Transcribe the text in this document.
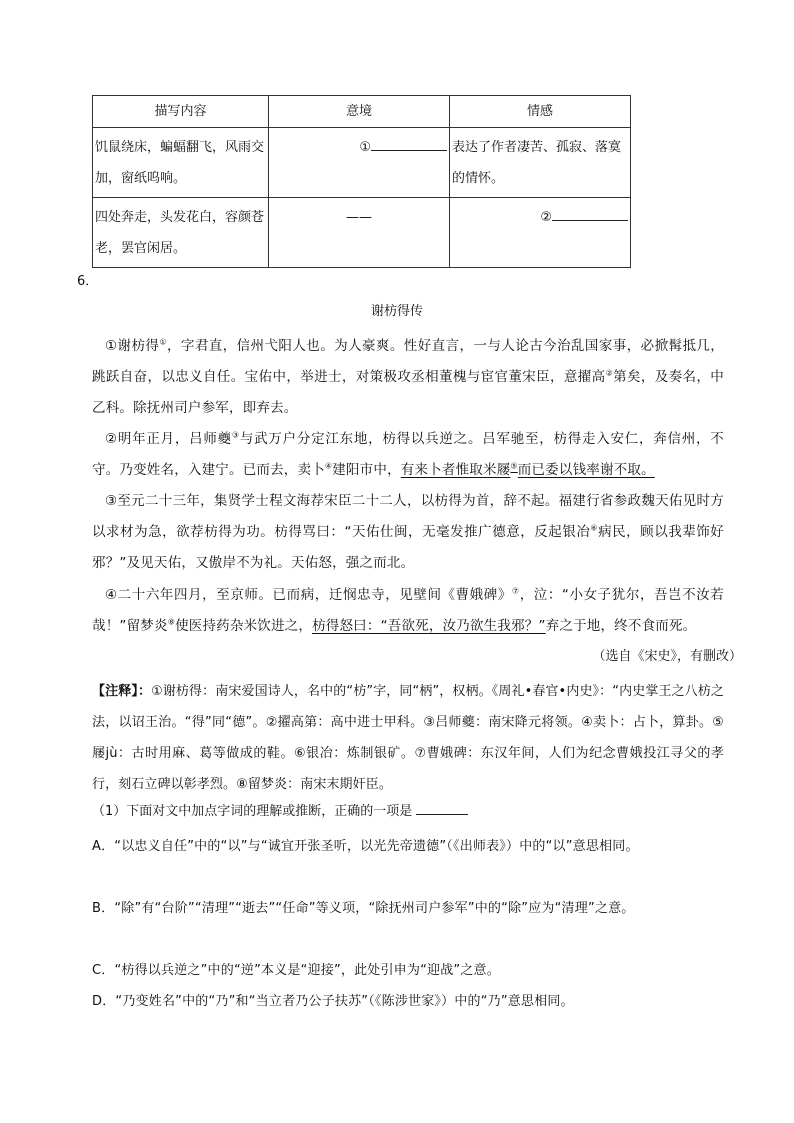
描写内容	意境	情感
饥鼠绕床，蝙蝠翻飞，风雨交加，窗纸呜响。	①	表达了作者凄苦、孤寂、落寞的情怀。
四处奔走，头发花白，容颜苍老，罢官闲居。	——	②
6．
谢枋得传
①谢枋得①，字君直，信州弋阳人也。为人豪爽。性好直言，一与人论古今治乱国家事，必掀髯抵几，跳跃自奋，以忠义自任。宝佑中，举进士，对策极攻丞相董槐与宦官董宋臣，意擢高②第矣，及奏名，中乙科。除抚州司户参军，即弃去。
②明年正月，吕师夔③与武万户分定江东地，枋得以兵逆之。吕军驰至，枋得走入安仁，奔信州，不守。乃变姓名，入建宁。已而去，卖卜④建阳市中，有来卜者惟取米屦⑤而已委以钱率谢不取。
③至元二十三年，集贤学士程文海荐宋臣二十二人，以枋得为首，辞不起。福建行省参政魏天佑见时方以求材为急，欲荐枋得为功。枋得骂曰：“天佑仕闽，无毫发推广德意，反起银冶⑥病民，顾以我辈饰好邪？”及见天佑，又傲岸不为礼。天佑怒，强之而北。
④二十六年四月，至京师。已而病，迁悯忠寺，见壁间《曹娥碑》⑦，泣：“小女子犹尔，吾岂不汝若哉！”留梦炎⑧使医持药杂米饮进之，枋得怒曰：“吾欲死，汝乃欲生我邪？”弃之于地，终不食而死。
（选自《宋史》，有删改）
【注释】：①谢枋得：南宋爱国诗人，名中的“枋”字，同“柄”，权柄。《周礼•春官•内史》：“内史掌王之八枋之法，以诏王治。“得”同“德”。②擢高第：高中进士甲科。③吕师夔：南宋降元将领。④卖卜：占卜，算卦。⑤屦jù：古时用麻、葛等做成的鞋。⑥银冶：炼制银矿。⑦曹娥碑：东汉年间，人们为纪念曹娥投江寻父的孝行，刻石立碑以彰孝烈。⑧留梦炎：南宋末期奸臣。
（1）下面对文中加点字词的理解或推断，正确的一项是
A．“以忠义自任”中的“以”与“诚宜开张圣听，以光先帝遗德”（《出师表》）中的“以”意思相同。
B．“除”有“台阶”“清理”“逝去”“任命”等义项，“除抚州司户参军”中的“除”应为“清理”之意。
C．“枋得以兵逆之”中的“逆”本义是“迎接”，此处引申为“迎战”之意。
D．“乃变姓名”中的“乃”和“当立者乃公子扶苏”（《陈涉世家》）中的“乃”意思相同。
